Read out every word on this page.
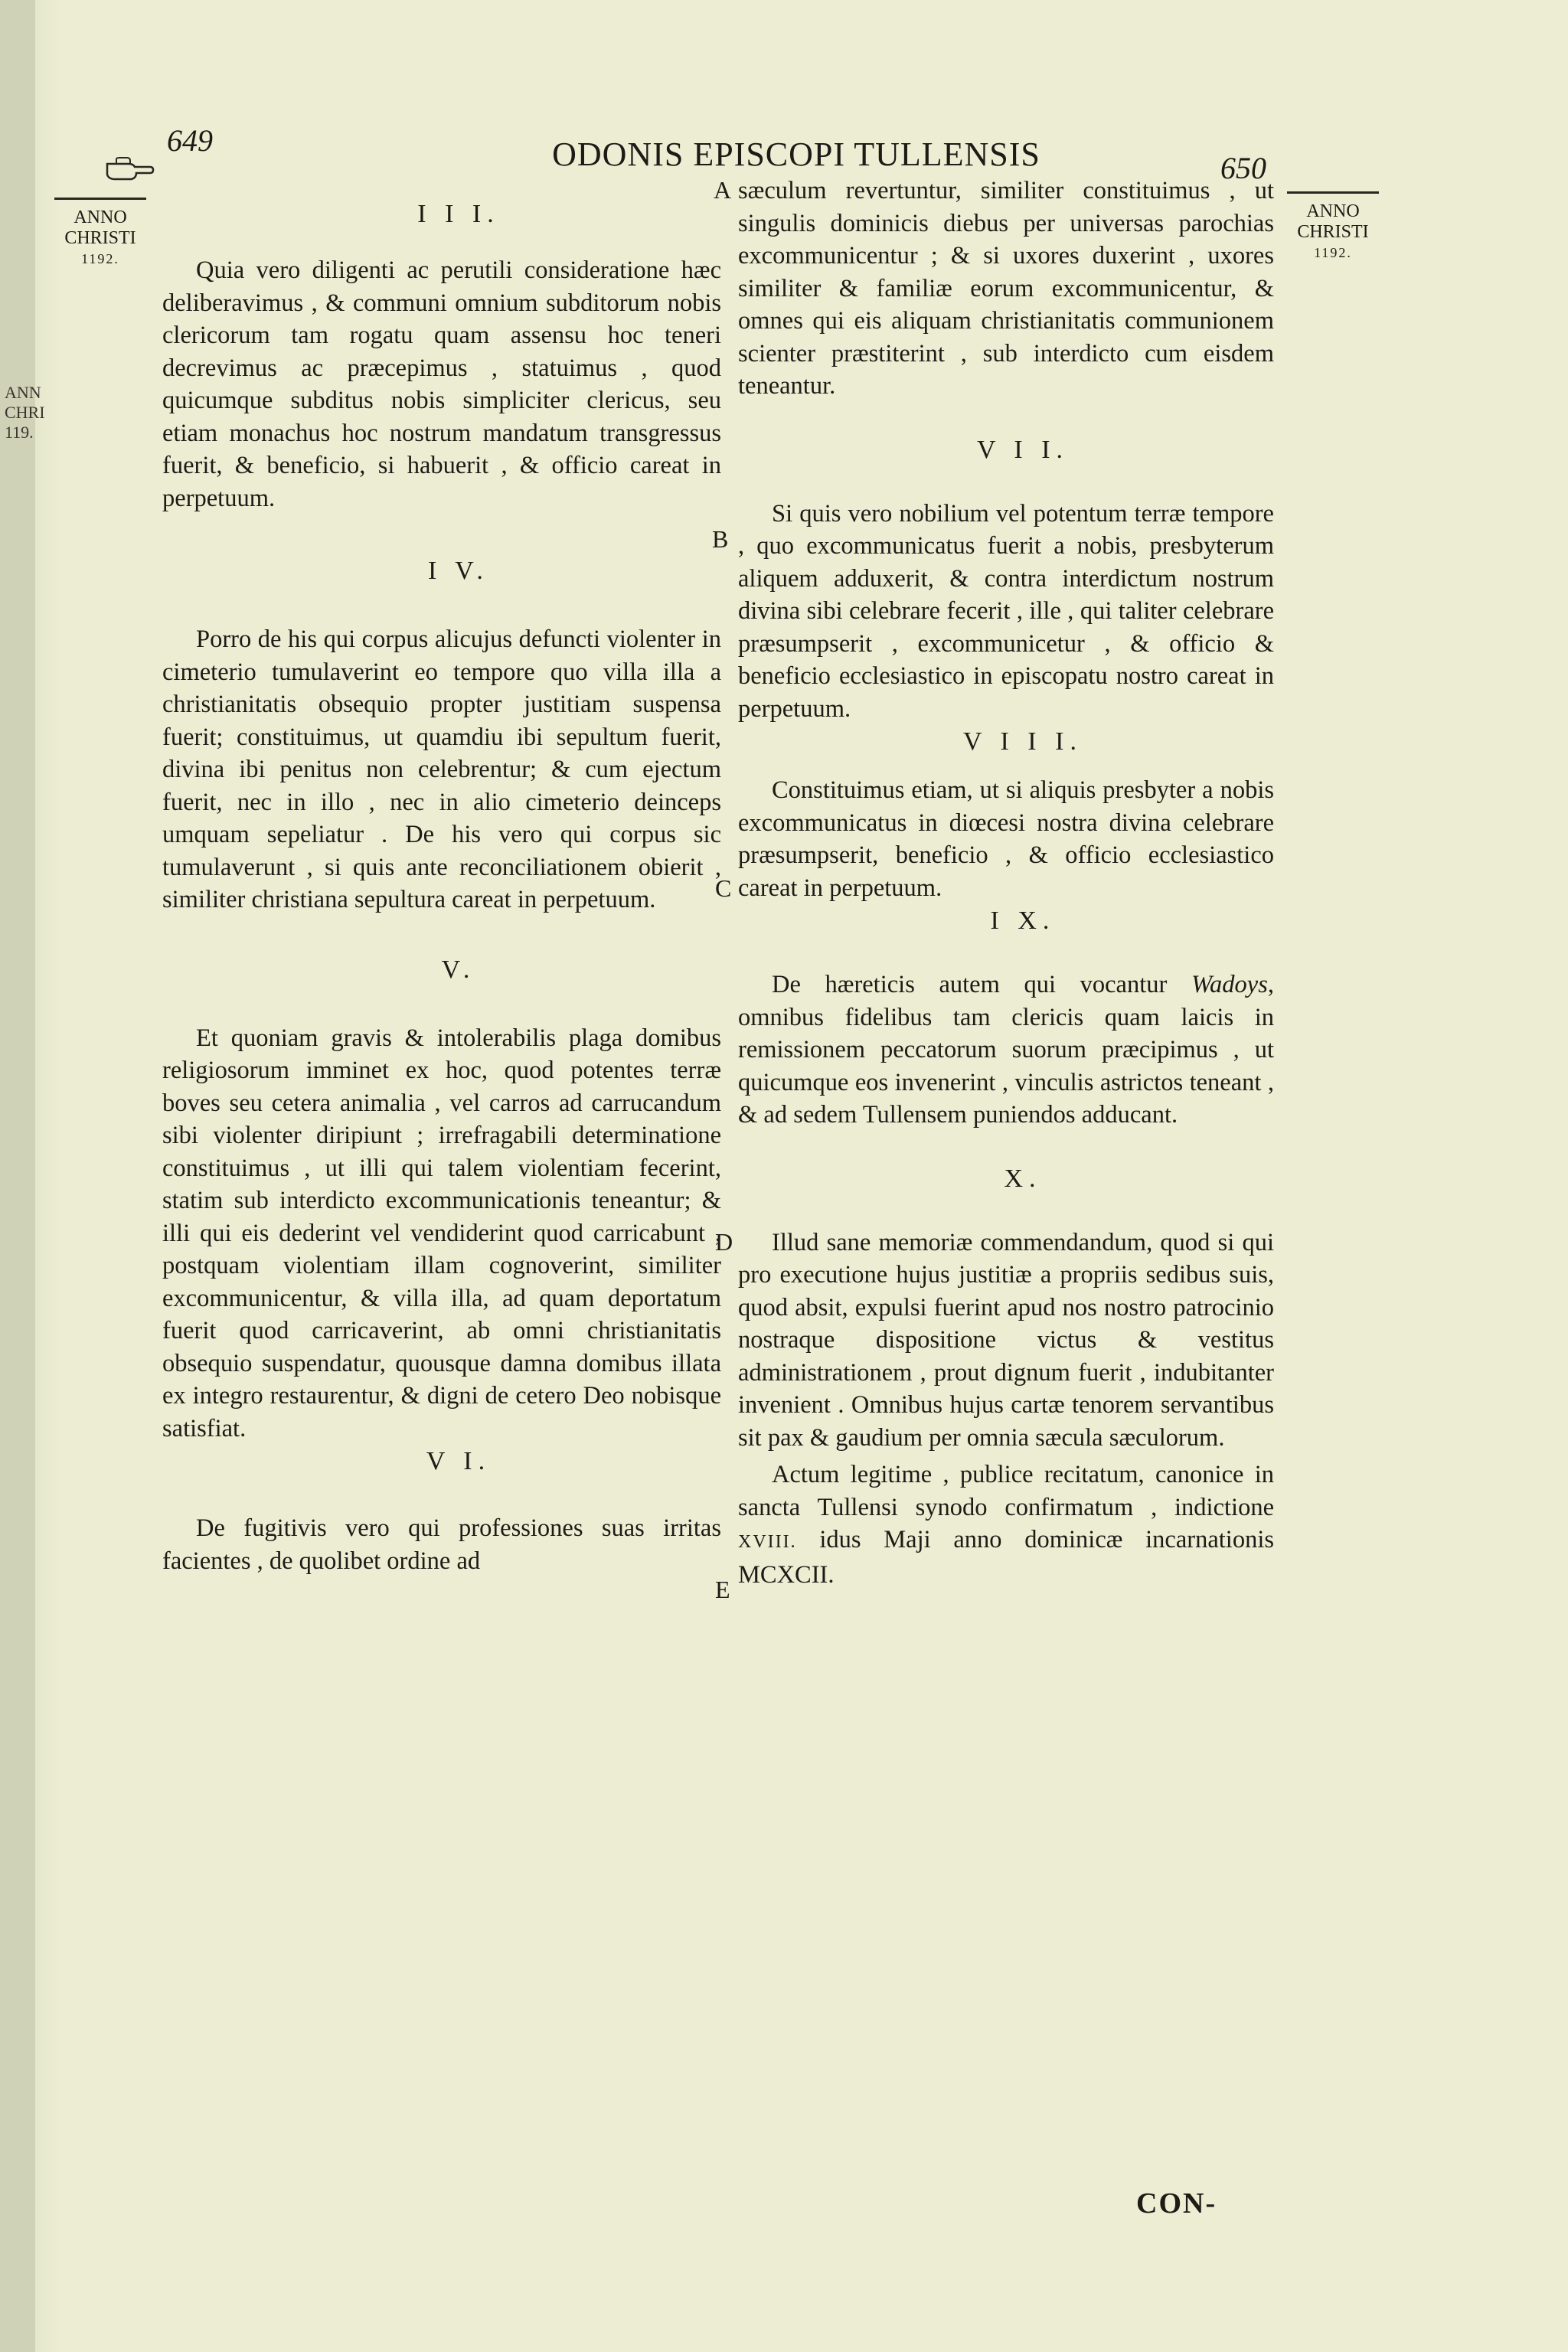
ANN
CHRI
119.
649	ODONIS EPISCOPI TULLENSIS	650
ANNO
CHRISTI
1192.
ANNO
CHRISTI
1192.
A
B
C
D
E

I I I.

Quia vero diligenti ac perutili consideratione hæc deliberavimus , & communi omnium subditorum nobis clericorum tam rogatu quam assensu hoc teneri decrevimus ac præcepimus , statuimus , quod quicumque subditus nobis simpliciter clericus, seu etiam monachus hoc nostrum mandatum transgressus fuerit, & beneficio, si habuerit , & officio careat in perpetuum.

I V.

Porro de his qui corpus alicujus defuncti violenter in cimeterio tumulaverint eo tempore quo villa illa a christianitatis obsequio propter justitiam suspensa fuerit; constituimus, ut quamdiu ibi sepultum fuerit, divina ibi penitus non celebrentur; & cum ejectum fuerit, nec in illo , nec in alio cimeterio deinceps umquam sepeliatur . De his vero qui corpus sic tumulaverunt , si quis ante reconciliationem obierit , similiter christiana sepultura careat in perpetuum.

V.

Et quoniam gravis & intolerabilis plaga domibus religiosorum imminet ex hoc, quod potentes terræ boves seu cetera animalia , vel carros ad carrucandum sibi violenter diripiunt ; irrefragabili determinatione constituimus , ut illi qui talem violentiam fecerint, statim sub interdicto excommunicationis teneantur; & illi qui eis dederint vel vendiderint quod carricabunt , postquam violentiam illam cognoverint, similiter excommunicentur, & villa illa, ad quam deportatum fuerit quod carricaverint, ab omni christianitatis obsequio suspendatur, quousque damna domibus illata ex integro restaurentur, & digni de cetero Deo nobisque satisfiat.

V I.

De fugitivis vero qui professiones suas irritas facientes , de quolibet ordine ad

sæculum revertuntur, similiter constituimus , ut singulis dominicis diebus per universas parochias excommunicentur ; & si uxores duxerint , uxores similiter & familiæ eorum excommunicentur, & omnes qui eis aliquam christianitatis communionem scienter præstiterint , sub interdicto cum eisdem teneantur.

V I I.

Si quis vero nobilium vel potentum terræ tempore , quo excommunicatus fuerit a nobis, presbyterum aliquem adduxerit, & contra interdictum nostrum divina sibi celebrare fecerit , ille , qui taliter celebrare præsumpserit , excommunicetur , & officio & beneficio ecclesiastico in episcopatu nostro careat in perpetuum.

V I I I.

Constituimus etiam, ut si aliquis presbyter a nobis excommunicatus in diœcesi nostra divina celebrare præsumpserit, beneficio , & officio ecclesiastico careat in perpetuum.

I X.

De hæreticis autem qui vocantur Wadoys, omnibus fidelibus tam clericis quam laicis in remissionem peccatorum suorum præcipimus , ut quicumque eos invenerint , vinculis astrictos teneant , & ad sedem Tullensem puniendos adducant.

X.

Illud sane memoriæ commendandum, quod si qui pro executione hujus justitiæ a propriis sedibus suis, quod absit, expulsi fuerint apud nos nostro patrocinio nostraque dispositione victus & vestitus administrationem , prout dignum fuerit , indubitanter invenient . Omnibus hujus cartæ tenorem servantibus sit pax & gaudium per omnia sæcula sæculorum.

Actum legitime , publice recitatum, canonice in sancta Tullensi synodo confirmatum , indictione XVIII. idus Maji anno dominicæ incarnationis MCXCII.

CON-
